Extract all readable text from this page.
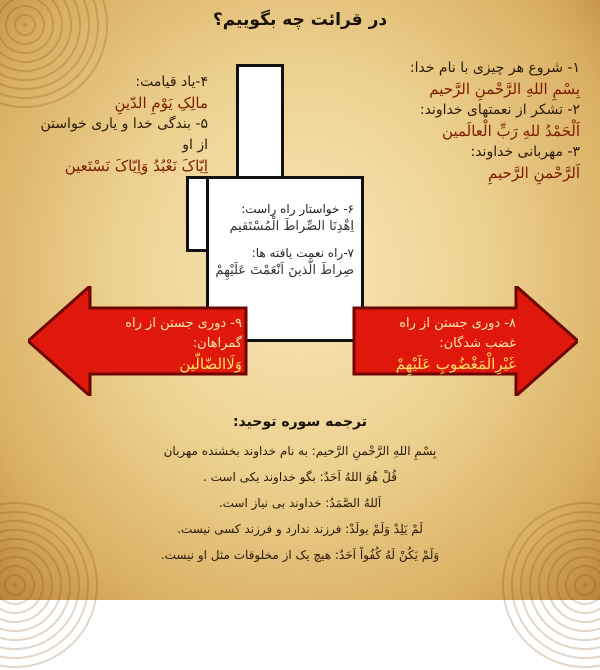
در قرائت چه بگوییم؟
۱- شروع هر چیزی با نام خدا:
بِسْمِ اللهِ الرَّحْمنِ الرَّحیم
۲- تشکر از نعمتهای خداوند:
اَلْحَمْدُ للهِ رَبِّ الْعالَمین
۳- مهربانی خداوند:
اَلرَّحْمنِ الرَّحیمِ
۴-یاد قیامت:
مالِکِ یَوْمِ الدّینِ
۵- بندگی خدا و یاری خواستن از او
اِیّاکَ نَعْبُدُ وَاِیّاکَ نَسْتَعین
۶- خواستار راه راست:
اِهْدِنَا الصِّراطَ الْمُسْتَقیم
۷-راه نعمت یافته ها:
صِراطَ الَّذینَ اَنْعَمْتَ عَلَیْهِمْ
۹- دوری جستن از راه گمراهان:
وَلَاالضّالّین
۸- دوری جستن از راه غضب شدگان:
غَیْرِالْمَغْضُوبِ عَلَیْهِمْ
ترجمه سوره توحید:
بِسْمِ اللهِ الرَّحْمنِ الرَّحیم: به نام خداوند بخشنده مهربان
قُلْ هُوَ اللهُ اَحَدٌ: بگو خداوند یکی است .
اَللهُ الصَّمَدُ: خداوند بی نیاز است.
لَمْ یَلِدْ وَلَمْ یولَدْ: فرزند ندارد و فرزند کسی نیست.
وَلَمْ یَکُنْ لَهُ کُفُواً اَحَدٌ: هیچ یک از مخلوقات مثل او نیست.
